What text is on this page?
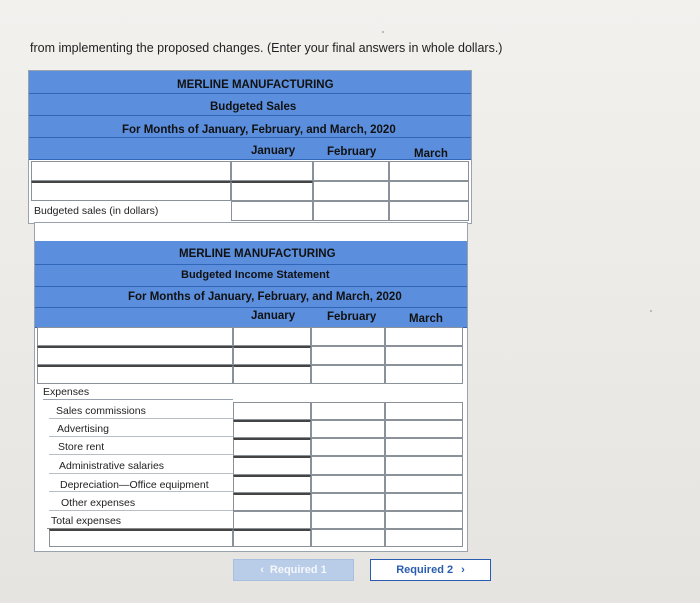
from implementing the proposed changes. (Enter your final answers in whole dollars.)
MERLINE MANUFACTURING
Budgeted Sales
For Months of January, February, and March, 2020
January	February	March
Budgeted sales (in dollars)
MERLINE MANUFACTURING
Budgeted Income Statement
For Months of January, February, and March, 2020
January	February	March
Expenses
Sales commissions
Advertising
Store rent
Administrative salaries
Depreciation—Office equipment
Other expenses
Total expenses
‹ Required 1	Required 2 ›
